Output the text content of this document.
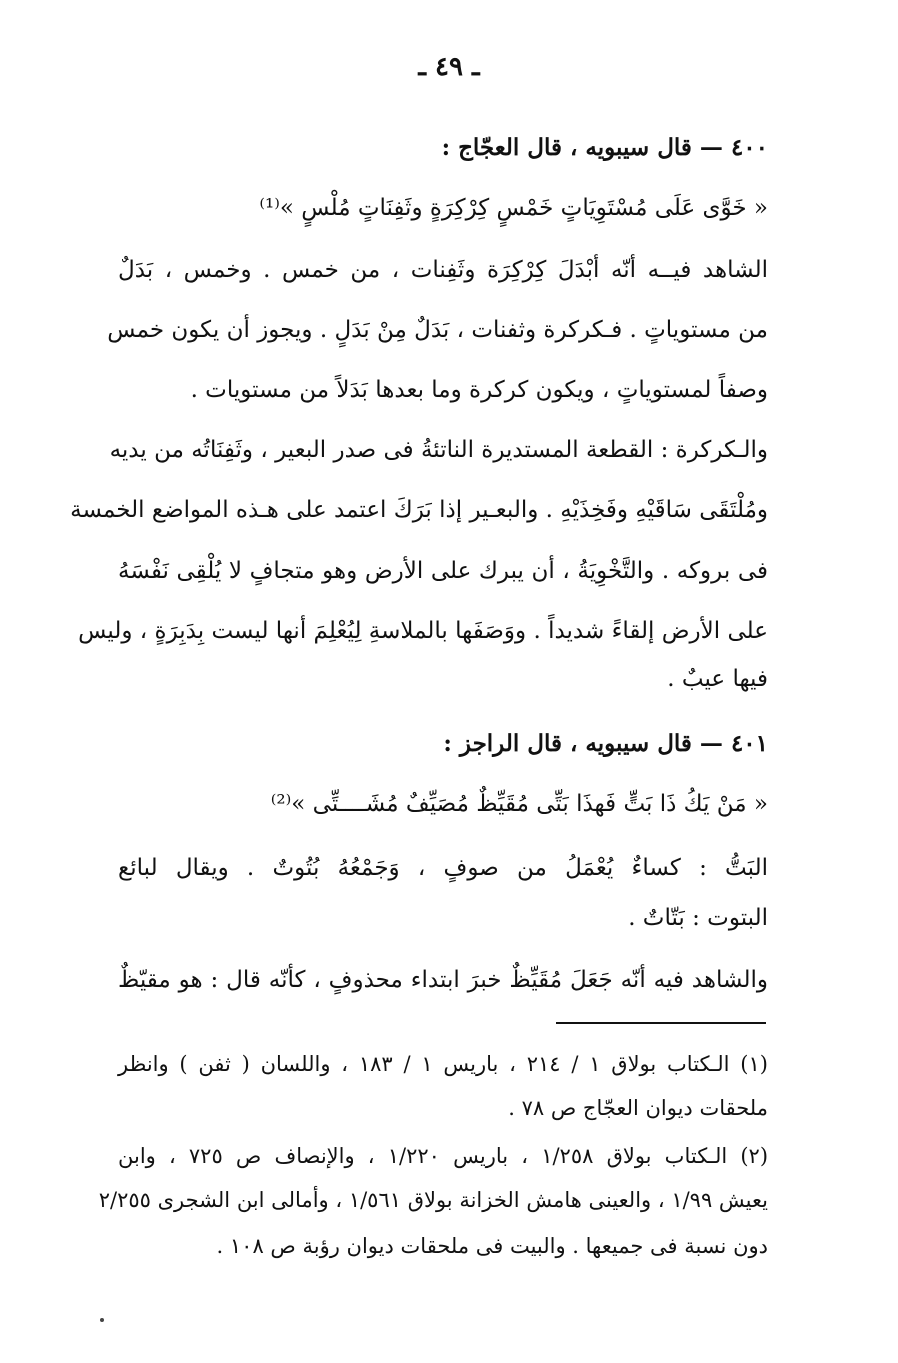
ـ ٤٩ ـ
٤٠٠ — قال سيبويه ، قال العجّاج :
« خَوَّى عَلَى مُسْتَوِيَاتٍ خَمْسٍ كِرْكِرَةٍ وثَفِنَاتٍ مُلْسٍ »⁽¹⁾
الشاهد فيــه أنّه أبْدَلَ كِرْكِرَة وثَفِنات ، من خمس . وخمس ، بَدَلٌ
من مستوياتٍ . فـكركرة وثفنات ، بَدَلٌ مِنْ بَدَلٍ . ويجوز أن يكون خمس
وصفاً لمستوياتٍ ، ويكون كركرة وما بعدها بَدَلاً من مستويات .
والـكركرة : القطعة المستديرة الناتئةُ فى صدر البعير ، وثَفِنَاتُه من يديه
ومُلْتَقَى سَاقَيْهِ وفَخِذَيْهِ . والبعـير إذا بَرَكَ اعتمد على هـذه المواضع الخمسة
فى بروكه . والتَّخْوِيَةُ ، أن يبرك على الأرض وهو متجافٍ لا يُلْقِى نَفْسَهُ
على الأرض إلقاءً شديداً . ووَصَفَها بالملاسةِ لِيُعْلِمَ أنها ليست بِدَبِرَةٍ ، وليس
فيها عيبٌ .
٤٠١ — قال سيبويه ، قال الراجز :
« مَنْ يَكُ ذَا بَتٍّ فَهذَا بَتِّى مُقَيِّظٌ مُصَيِّفٌ مُشَــــتِّى »⁽²⁾
البَتُّ : كساءٌ يُعْمَلُ من صوفٍ ، وَجَمْعُهُ بُتُوتٌ . ويقال لبائع
البتوت : بَتّاتٌ .
والشاهد فيه أنّه جَعَلَ مُقَيِّظٌ خبرَ ابتداء محذوفٍ ، كأنّه قال : هو مقيّظٌ
(١) الـكتاب بولاق ١ / ٢١٤ ، باريس ١ / ١٨٣ ، واللسان ( ثفن ) وانظر
ملحقات ديوان العجّاج ص ٧٨ .
(٢) الـكتاب بولاق ١/٢٥٨ ، باريس ١/٢٢٠ ، والإنصاف ص ٧٢٥ ، وابن
يعيش ١/٩٩ ، والعينى هامش الخزانة بولاق ١/٥٦١ ، وأمالى ابن الشجرى ٢/٢٥٥
دون نسبة فى جميعها . والبيت فى ملحقات ديوان رؤبة ص ١٠٨ .
